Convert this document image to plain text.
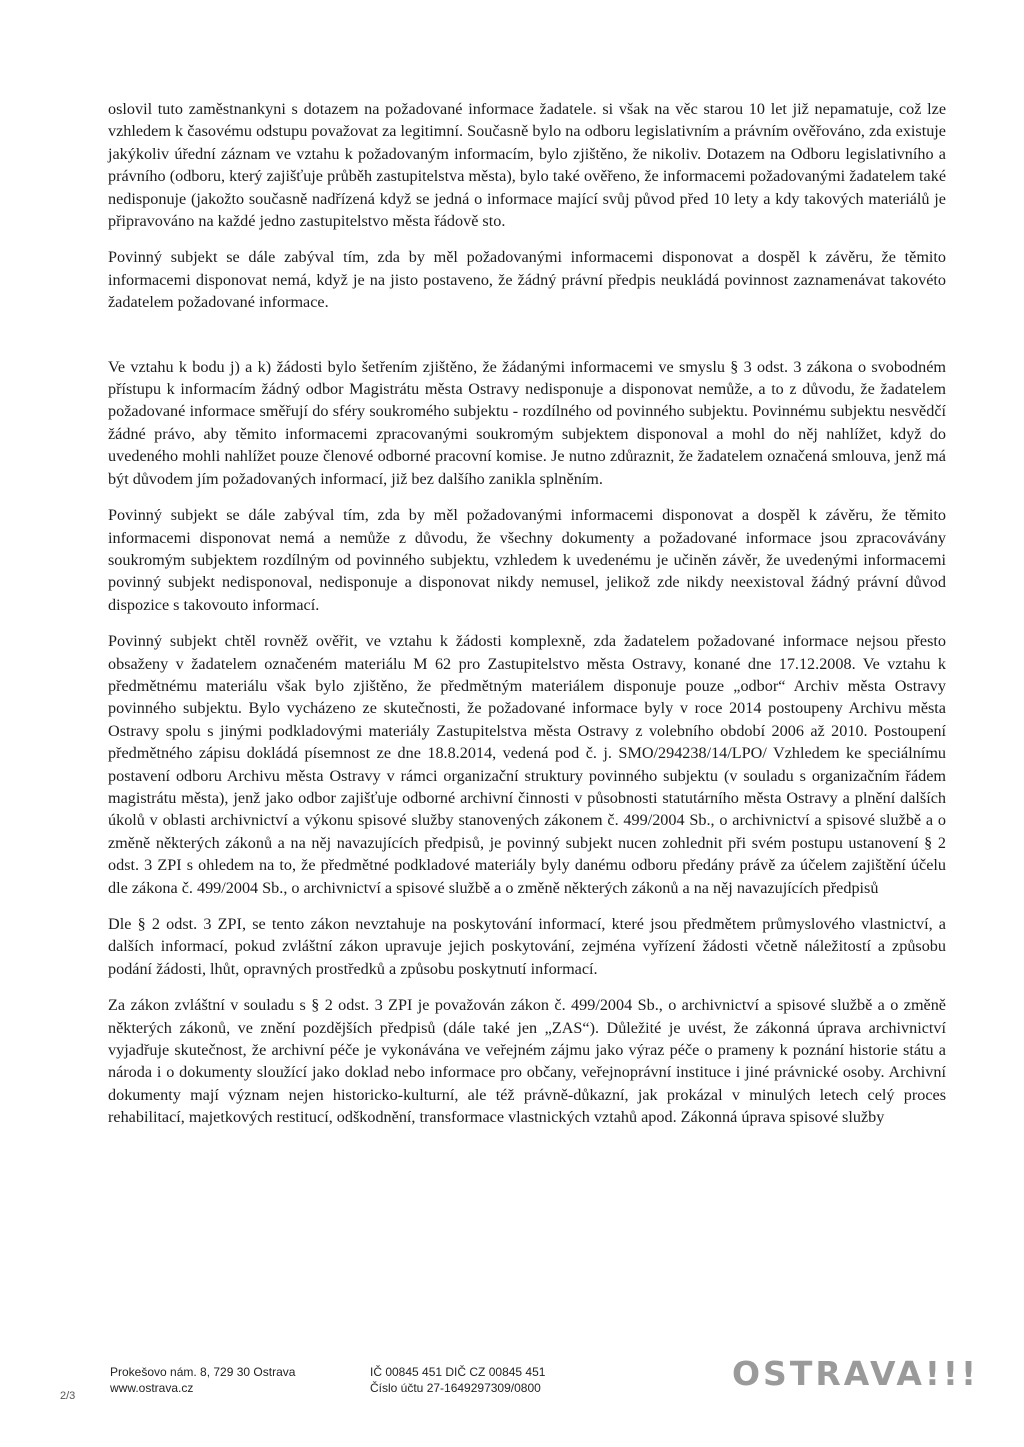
oslovil tuto zaměstnankyni s dotazem na požadované informace žadatele. si však na věc starou 10 let již nepamatuje, což lze vzhledem k časovému odstupu považovat za legitimní. Současně bylo na odboru legislativním a právním ověřováno, zda existuje jakýkoliv úřední záznam ve vztahu k požadovaným informacím, bylo zjištěno, že nikoliv. Dotazem na Odboru legislativního a právního (odboru, který zajišťuje průběh zastupitelstva města), bylo také ověřeno, že informacemi požadovanými žadatelem také nedisponuje (jakožto současně nadřízená když se jedná o informace mající svůj původ před 10 lety a kdy takových materiálů je připravováno na každé jedno zastupitelstvo města řádově sto.

Povinný subjekt se dále zabýval tím, zda by měl požadovanými informacemi disponovat a dospěl k závěru, že těmito informacemi disponovat nemá, když je na jisto postaveno, že žádný právní předpis neukládá povinnost zaznamenávat takovéto žadatelem požadované informace.

Ve vztahu k bodu j) a k) žádosti bylo šetřením zjištěno, že žádanými informacemi ve smyslu § 3 odst. 3 zákona o svobodném přístupu k informacím žádný odbor Magistrátu města Ostravy nedisponuje a disponovat nemůže, a to z důvodu, že žadatelem požadované informace směřují do sféry soukromého subjektu - rozdílného od povinného subjektu. Povinnému subjektu nesvědčí žádné právo, aby těmito informacemi zpracovanými soukromým subjektem disponoval a mohl do něj nahlížet, když do uvedeného mohli nahlížet pouze členové odborné pracovní komise. Je nutno zdůraznit, že žadatelem označená smlouva, jenž má být důvodem jím požadovaných informací, již bez dalšího zanikla splněním.

Povinný subjekt se dále zabýval tím, zda by měl požadovanými informacemi disponovat a dospěl k závěru, že těmito informacemi disponovat nemá a nemůže z důvodu, že všechny dokumenty a požadované informace jsou zpracovávány soukromým subjektem rozdílným od povinného subjektu, vzhledem k uvedenému je učiněn závěr, že uvedenými informacemi povinný subjekt nedisponoval, nedisponuje a disponovat nikdy nemusel, jelikož zde nikdy neexistoval žádný právní důvod dispozice s takovouto informací.

Povinný subjekt chtěl rovněž ověřit, ve vztahu k žádosti komplexně, zda žadatelem požadované informace nejsou přesto obsaženy v žadatelem označeném materiálu M 62 pro Zastupitelstvo města Ostravy, konané dne 17.12.2008. Ve vztahu k předmětnému materiálu však bylo zjištěno, že předmětným materiálem disponuje pouze „odbor“ Archiv města Ostravy povinného subjektu. Bylo vycházeno ze skutečnosti, že požadované informace byly v roce 2014 postoupeny Archivu města Ostravy spolu s jinými podkladovými materiály Zastupitelstva města Ostravy z volebního období 2006 až 2010. Postoupení předmětného zápisu dokládá písemnost ze dne 18.8.2014, vedená pod č. j. SMO/294238/14/LPO/ Vzhledem ke speciálnímu postavení odboru Archivu města Ostravy v rámci organizační struktury povinného subjektu (v souladu s organizačním řádem magistrátu města), jenž jako odbor zajišťuje odborné archivní činnosti v působnosti statutárního města Ostravy a plnění dalších úkolů v oblasti archivnictví a výkonu spisové služby stanovených zákonem č. 499/2004 Sb., o archivnictví a spisové službě a o změně některých zákonů a na něj navazujících předpisů, je povinný subjekt nucen zohlednit při svém postupu ustanovení § 2 odst. 3 ZPI s ohledem na to, že předmětné podkladové materiály byly danému odboru předány právě za účelem zajištění účelu dle zákona č. 499/2004 Sb., o archivnictví a spisové službě a o změně některých zákonů a na něj navazujících předpisů

Dle § 2 odst. 3 ZPI, se tento zákon nevztahuje na poskytování informací, které jsou předmětem průmyslového vlastnictví, a dalších informací, pokud zvláštní zákon upravuje jejich poskytování, zejména vyřízení žádosti včetně náležitostí a způsobu podání žádosti, lhůt, opravných prostředků a způsobu poskytnutí informací.

Za zákon zvláštní v souladu s § 2 odst. 3 ZPI je považován zákon č. 499/2004 Sb., o archivnictví a spisové službě a o změně některých zákonů, ve znění pozdějších předpisů (dále také jen „ZAS“). Důležité je uvést, že zákonná úprava archivnictví vyjadřuje skutečnost, že archivní péče je vykonávána ve veřejném zájmu jako výraz péče o prameny k poznání historie státu a národa i o dokumenty sloužící jako doklad nebo informace pro občany, veřejnoprávní instituce i jiné právnické osoby. Archivní dokumenty mají význam nejen historicko-kulturní, ale též právně-důkazní, jak prokázal v minulých letech celý proces rehabilitací, majetkových restitucí, odškodnění, transformace vlastnických vztahů apod. Zákonná úprava spisové služby

2/3
Prokešovo nám. 8, 729 30 Ostrava
www.ostrava.cz
IČ 00845 451 DIČ CZ 00845 451
Číslo účtu 27-1649297309/0800	OSTRAVA!!!
